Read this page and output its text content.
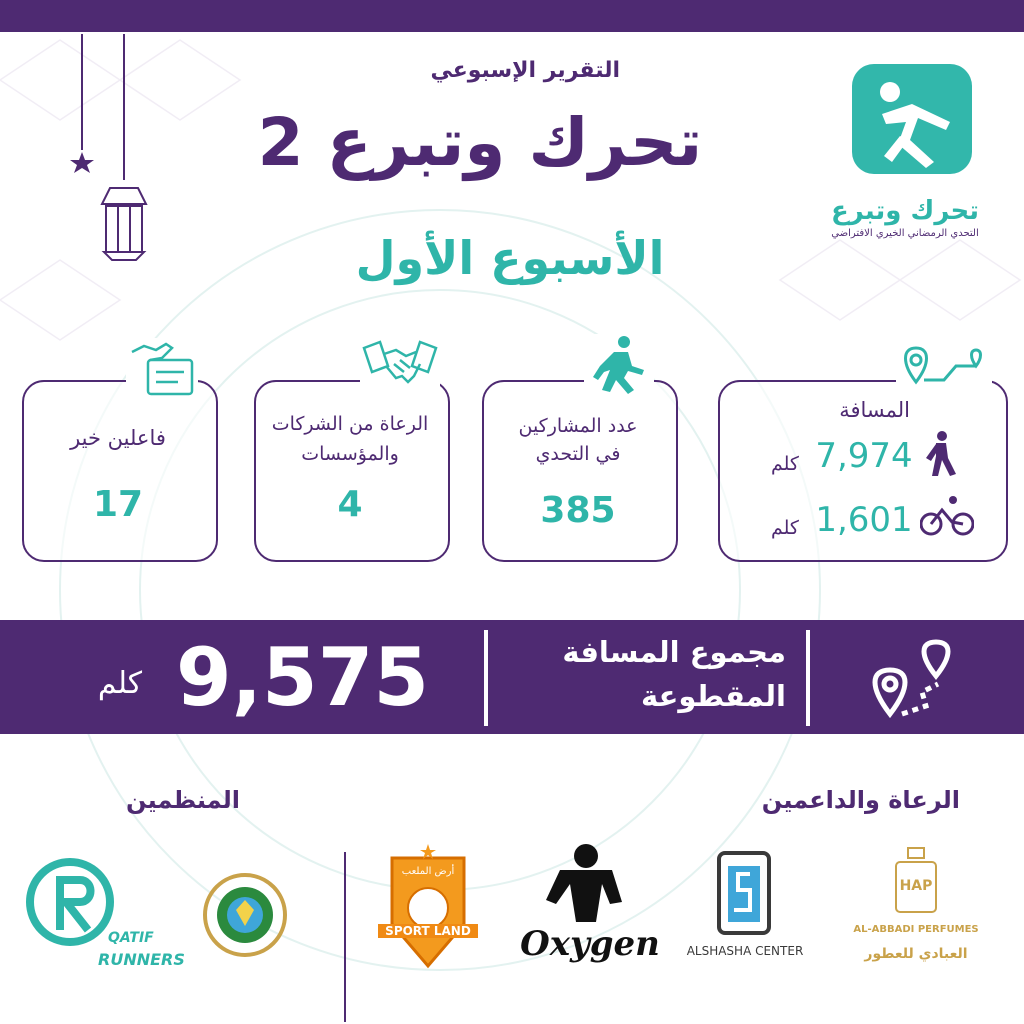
التقرير الإسبوعي
تحرك وتبرع 2
الأسبوع الأول
تحرك وتبرع
التحدي الرمضاني الخيري الافتراضي
المسافة
7,974
كلم
1,601
كلم
عدد المشاركين
في التحدي
385
الرعاة من الشركات
والمؤسسات
4
فاعلين خير
17
مجموع المسافة
المقطوعة
9,575
كلم
الرعاة والداعمين
المنظمين
HAP
AL-ABBADI PERFUMES
العبادي للعطور
ALSHASHA CENTER
Oxygen
أرض الملعب
SPORT LAND
QATIF
RUNNERS
